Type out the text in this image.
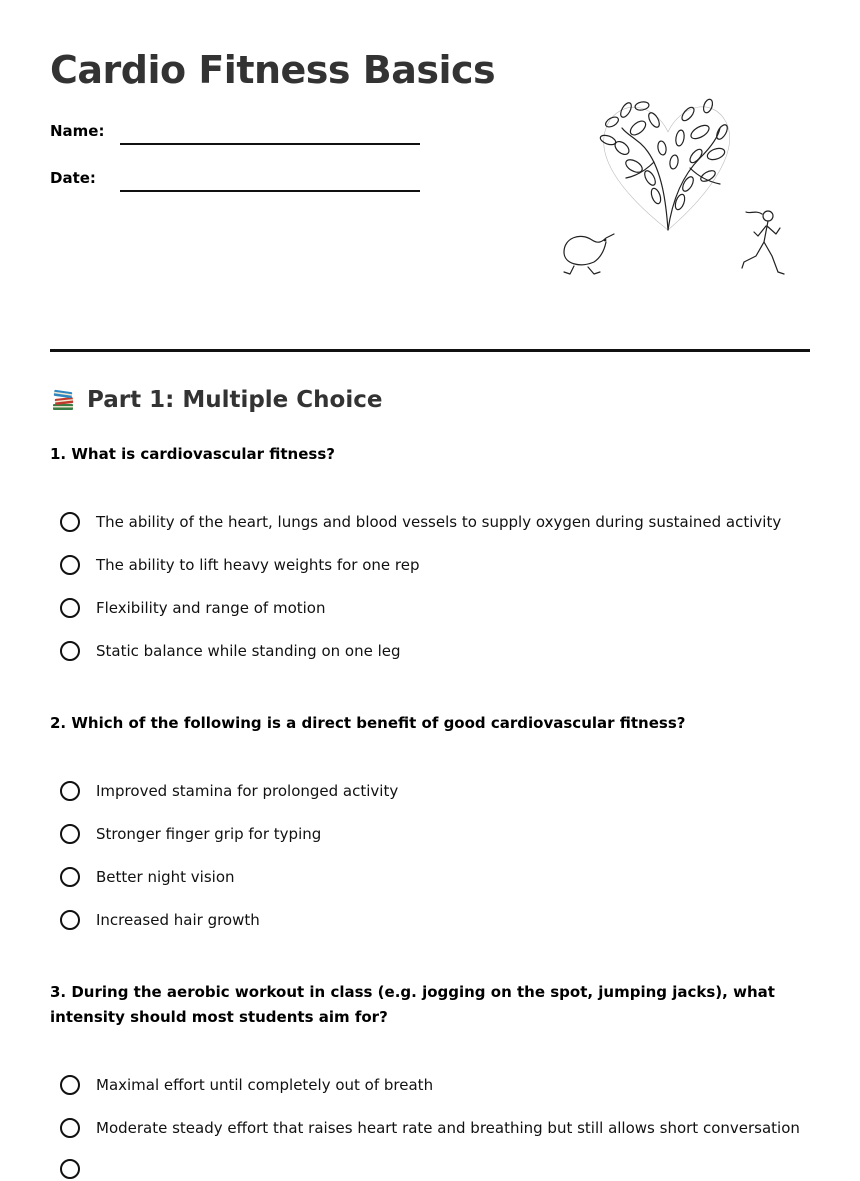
Cardio Fitness Basics
Name:
Date:
Part 1: Multiple Choice

1. What is cardiovascular fitness?

The ability of the heart, lungs and blood vessels to supply oxygen during sustained activity
The ability to lift heavy weights for one rep
Flexibility and range of motion
Static balance while standing on one leg

2. Which of the following is a direct benefit of good cardiovascular fitness?

Improved stamina for prolonged activity
Stronger finger grip for typing
Better night vision
Increased hair growth

3. During the aerobic workout in class (e.g. jogging on the spot, jumping jacks), what intensity should most students aim for?

Maximal effort until completely out of breath
Moderate steady effort that raises heart rate and breathing but still allows short conversation
